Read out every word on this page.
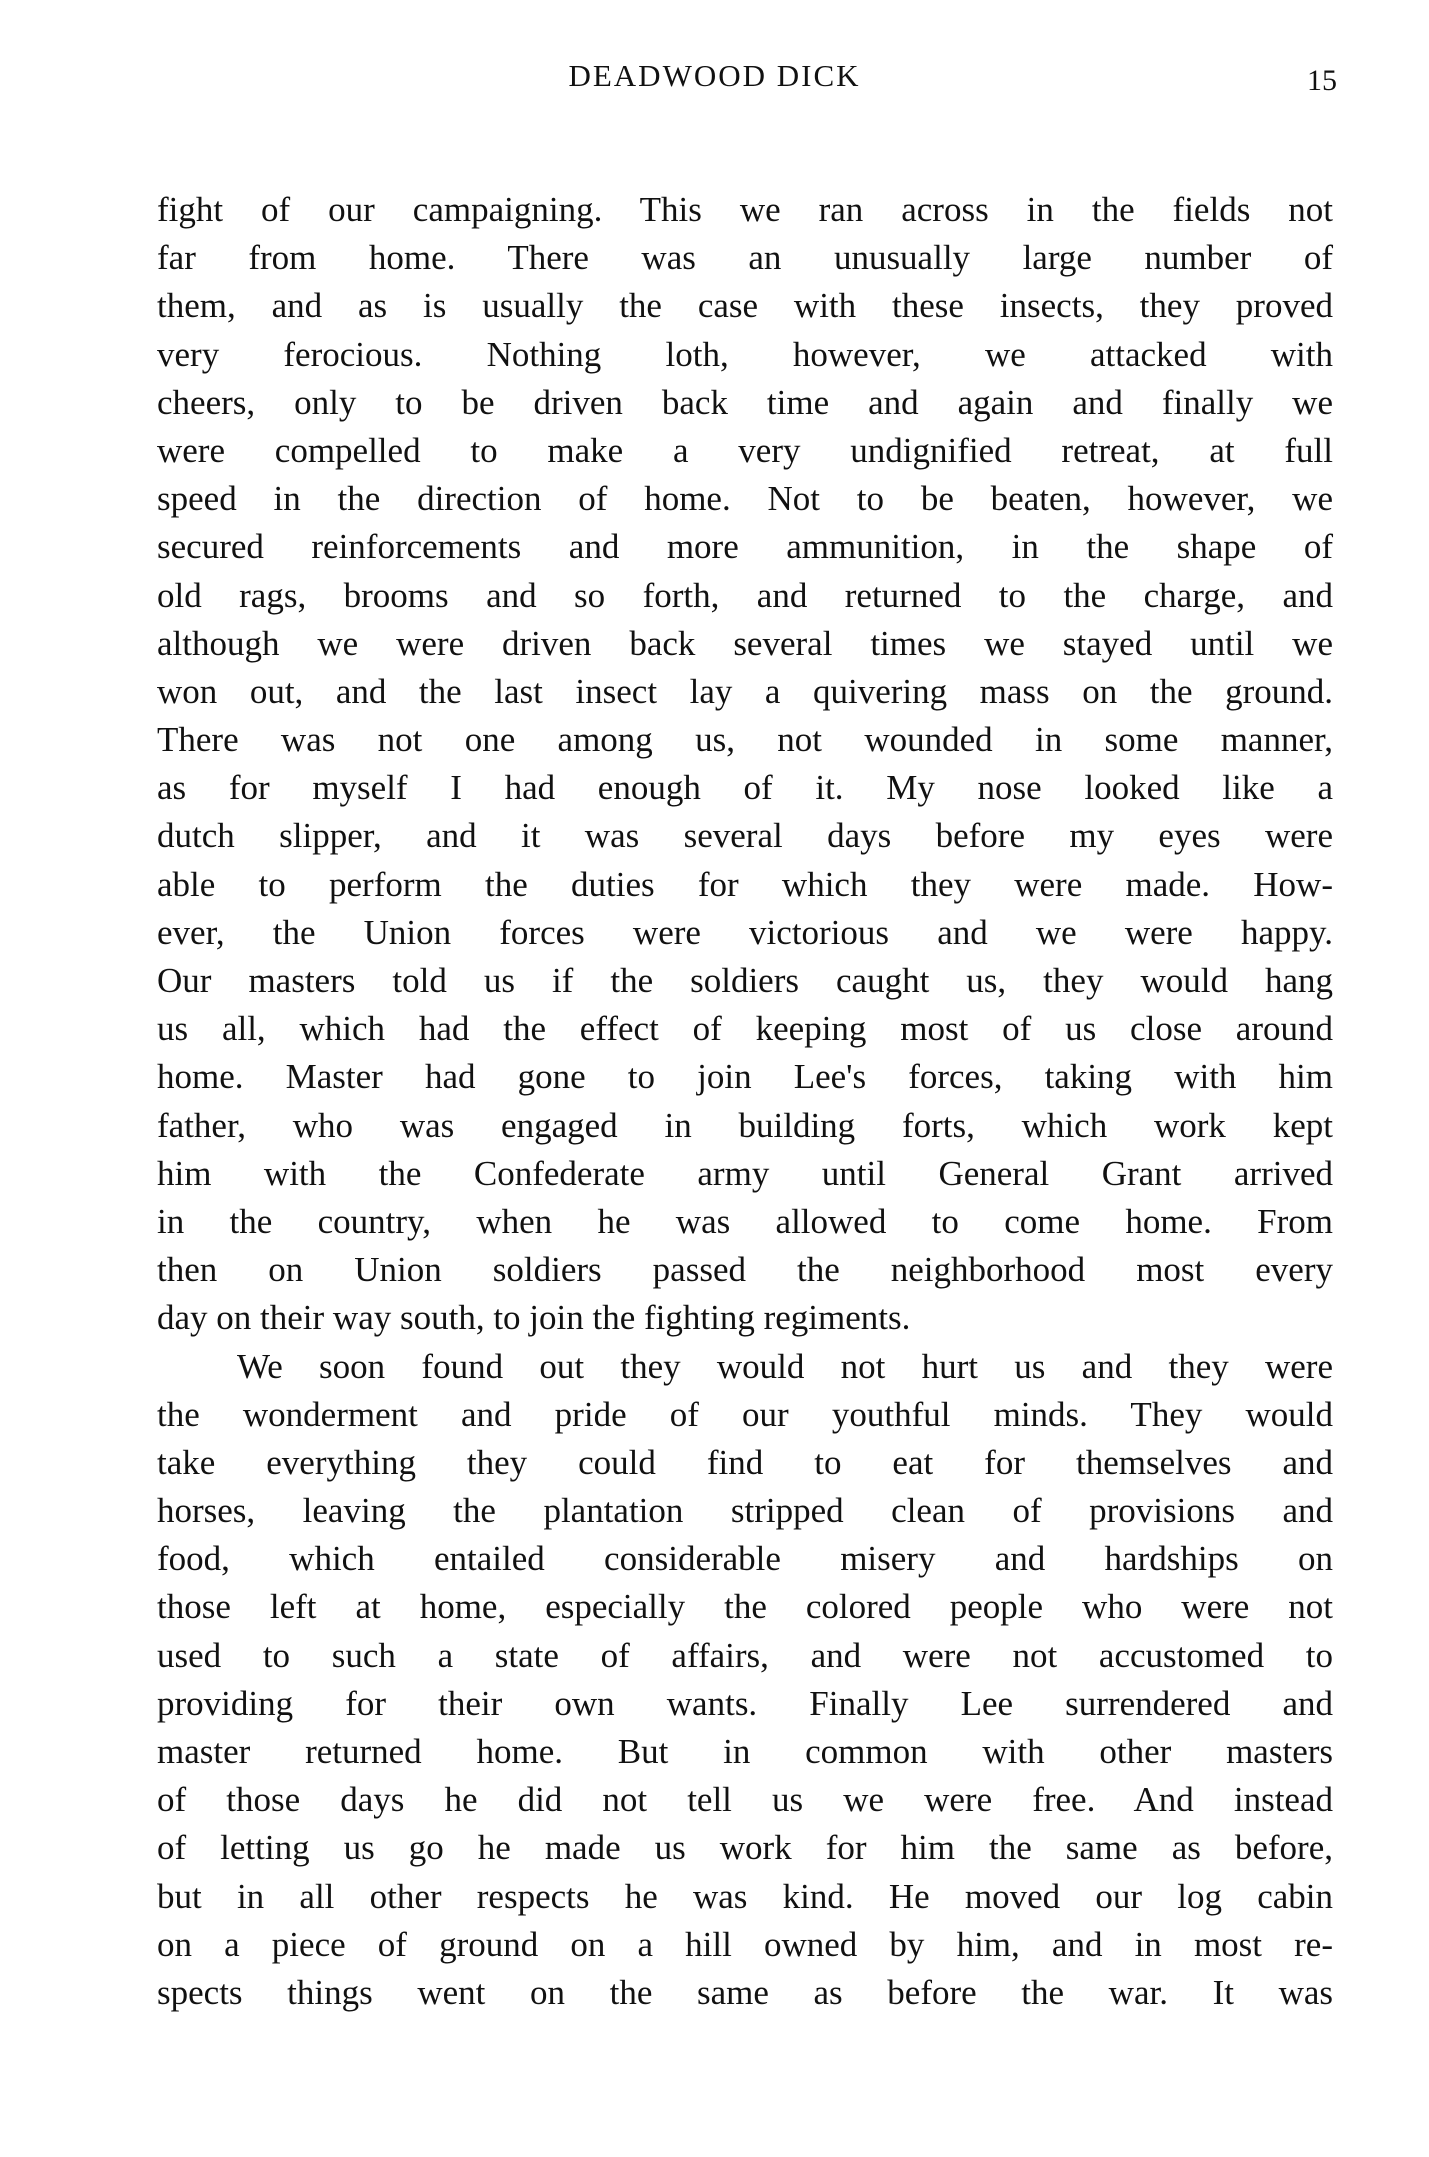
DEADWOOD DICK	15
fight of our campaigning. This we ran across in the fields not
far from home. There was an unusually large number of
them, and as is usually the case with these insects, they proved
very ferocious. Nothing loth, however, we attacked with
cheers, only to be driven back time and again and finally we
were compelled to make a very undignified retreat, at full
speed in the direction of home. Not to be beaten, however, we
secured reinforcements and more ammunition, in the shape of
old rags, brooms and so forth, and returned to the charge, and
although we were driven back several times we stayed until we
won out, and the last insect lay a quivering mass on the ground.
There was not one among us, not wounded in some manner,
as for myself I had enough of it. My nose looked like a
dutch slipper, and it was several days before my eyes were
able to perform the duties for which they were made. How-
ever, the Union forces were victorious and we were happy.
Our masters told us if the soldiers caught us, they would hang
us all, which had the effect of keeping most of us close around
home. Master had gone to join Lee's forces, taking with him
father, who was engaged in building forts, which work kept
him with the Confederate army until General Grant arrived
in the country, when he was allowed to come home. From
then on Union soldiers passed the neighborhood most every
day on their way south, to join the fighting regiments.
We soon found out they would not hurt us and they were
the wonderment and pride of our youthful minds. They would
take everything they could find to eat for themselves and
horses, leaving the plantation stripped clean of provisions and
food, which entailed considerable misery and hardships on
those left at home, especially the colored people who were not
used to such a state of affairs, and were not accustomed to
providing for their own wants. Finally Lee surrendered and
master returned home. But in common with other masters
of those days he did not tell us we were free. And instead
of letting us go he made us work for him the same as before,
but in all other respects he was kind. He moved our log cabin
on a piece of ground on a hill owned by him, and in most re-
spects things went on the same as before the war. It was
